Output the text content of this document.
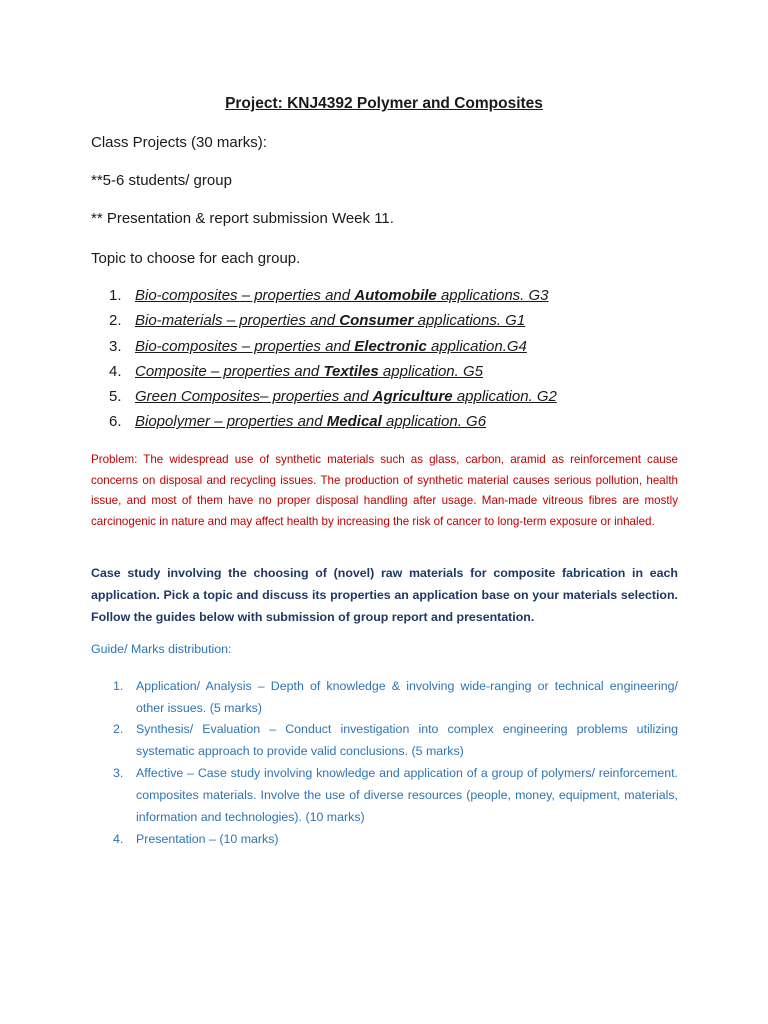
Project: KNJ4392 Polymer and Composites
Class Projects (30 marks):
**5-6 students/ group
** Presentation & report submission Week 11.
Topic to choose for each group.
1. Bio-composites – properties and Automobile applications. G3
2. Bio-materials – properties and Consumer applications. G1
3. Bio-composites – properties and Electronic application.G4
4. Composite – properties and Textiles application. G5
5. Green Composites– properties and Agriculture application. G2
6. Biopolymer – properties and Medical application. G6
Problem: The widespread use of synthetic materials such as glass, carbon, aramid as reinforcement cause concerns on disposal and recycling issues. The production of synthetic material causes serious pollution, health issue, and most of them have no proper disposal handling after usage. Man-made vitreous fibres are mostly carcinogenic in nature and may affect health by increasing the risk of cancer to long-term exposure or inhaled.
Case study involving the choosing of (novel) raw materials for composite fabrication in each application. Pick a topic and discuss its properties an application base on your materials selection. Follow the guides below with submission of group report and presentation.
Guide/ Marks distribution:
1. Application/ Analysis – Depth of knowledge & involving wide-ranging or technical engineering/ other issues. (5 marks)
2. Synthesis/ Evaluation – Conduct investigation into complex engineering problems utilizing systematic approach to provide valid conclusions. (5 marks)
3. Affective – Case study involving knowledge and application of a group of polymers/ reinforcement. composites materials. Involve the use of diverse resources (people, money, equipment, materials, information and technologies). (10 marks)
4. Presentation – (10 marks)
